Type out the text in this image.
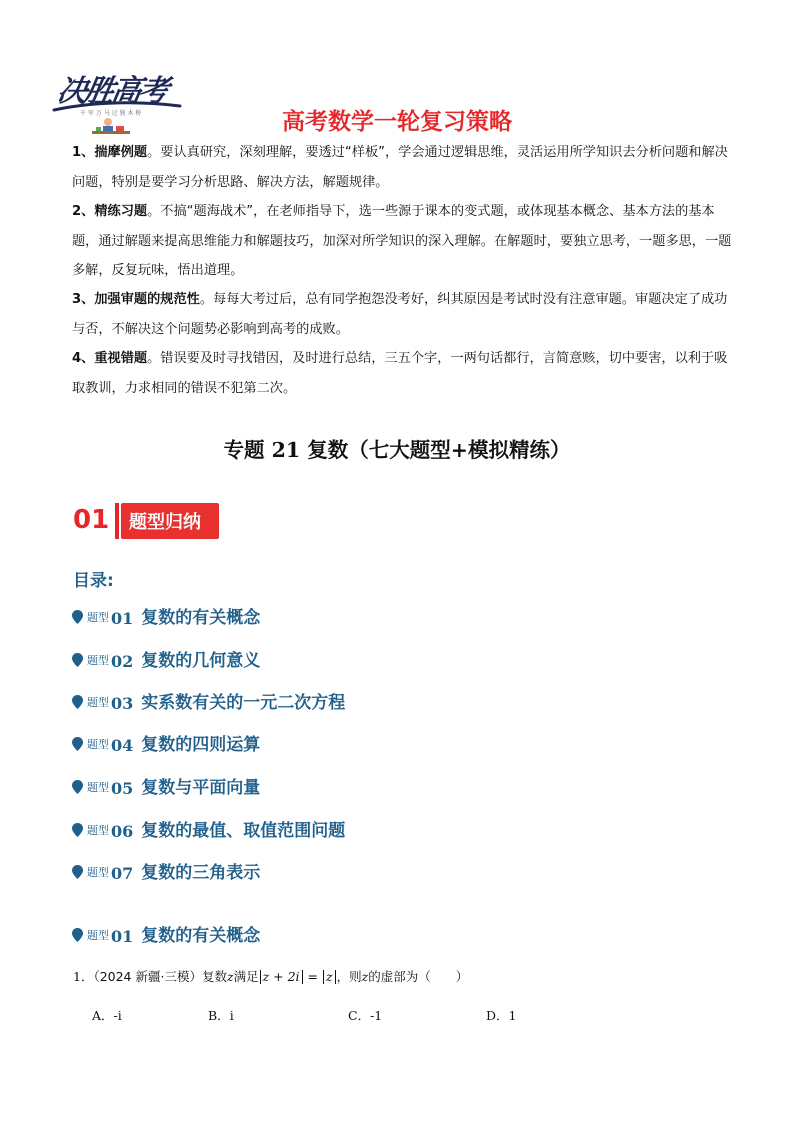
决胜高考
千 军 万 马 过 独 木 桥	高考数学一轮复习策略
1、揣摩例题。要认真研究，深刻理解，要透过“样板”，学会通过逻辑思维，灵活运用所学知识去分析问题和解决问题，特别是要学习分析思路、解决方法，解题规律。
2、精练习题。不搞“题海战术”，在老师指导下，选一些源于课本的变式题，或体现基本概念、基本方法的基本题，通过解题来提高思维能力和解题技巧，加深对所学知识的深入理解。在解题时，要独立思考，一题多思，一题多解，反复玩味，悟出道理。
3、加强审题的规范性。每每大考过后，总有同学抱怨没考好，纠其原因是考试时没有注意审题。审题决定了成功与否，不解决这个问题势必影响到高考的成败。
4、重视错题。错误要及时寻找错因，及时进行总结，三五个字，一两句话都行，言简意赅，切中要害，以利于吸取教训，力求相同的错误不犯第二次。
专题 21 复数（七大题型+模拟精练）
01 题型归纳
目录:
题型 01 复数的有关概念
题型 02 复数的几何意义
题型 03 实系数有关的一元二次方程
题型 04 复数的四则运算
题型 05 复数与平面向量
题型 06 复数的最值、取值范围问题
题型 07 复数的三角表示
题型 01 复数的有关概念
1．（2024 新疆·三模）复数z满足 z + 2i = z ，则z的虚部为（　　）
A．-i	B．i	C．-1	D．1
